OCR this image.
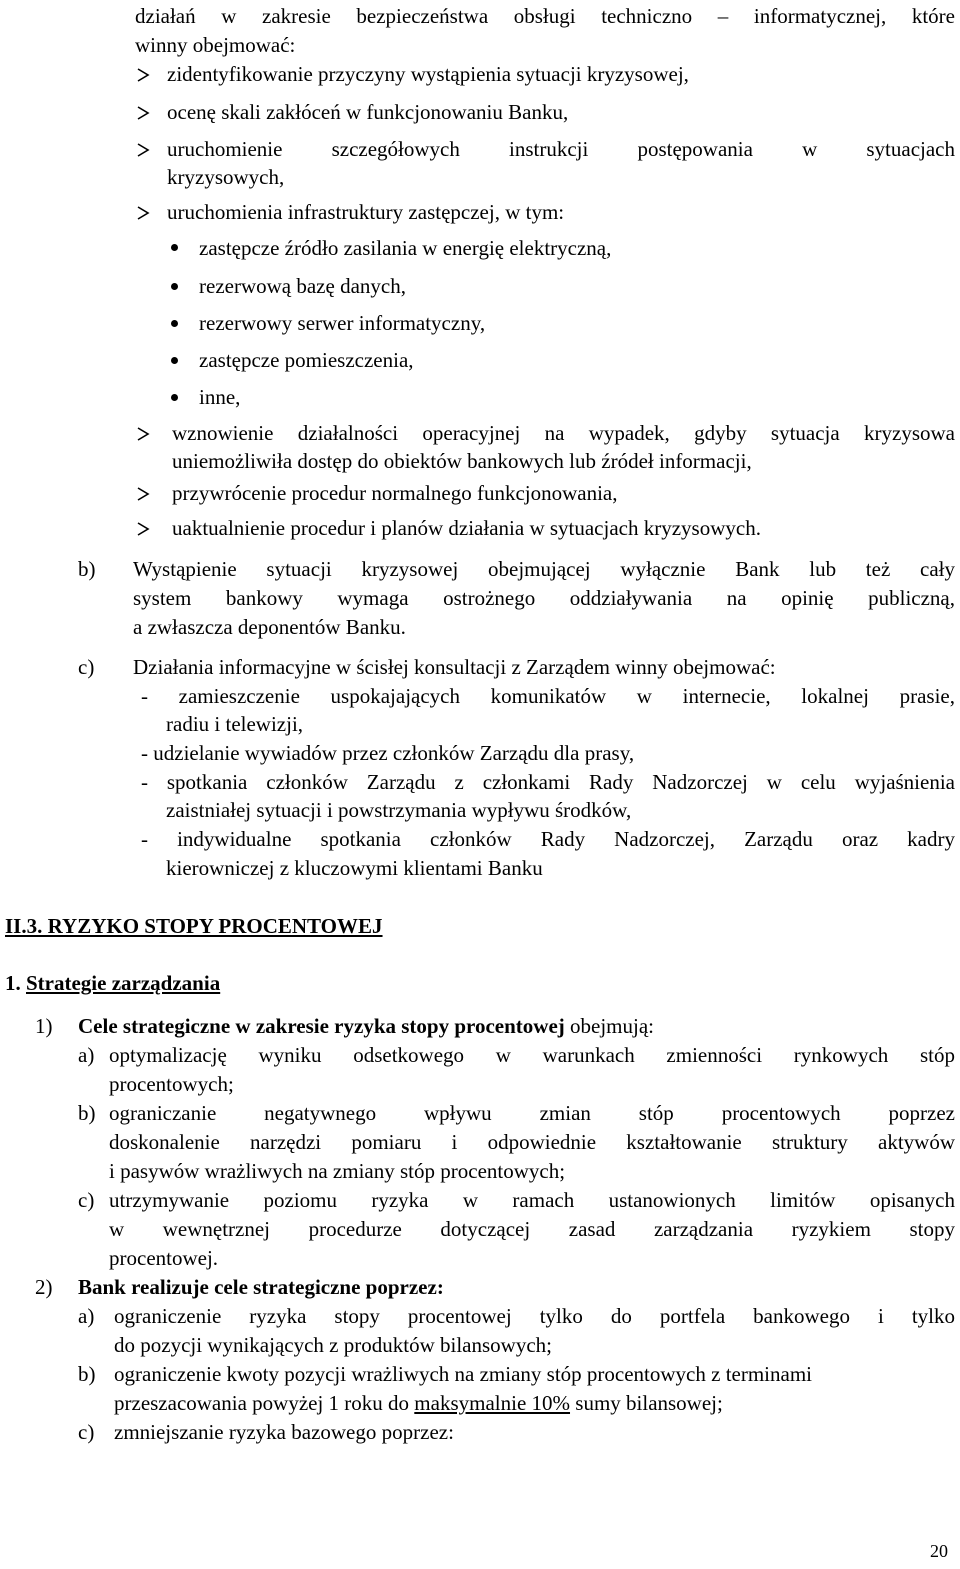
działań w zakresie bezpieczeństwa obsługi techniczno – informatycznej, które
winny obejmować:
zidentyfikowanie przyczyny wystąpienia sytuacji kryzysowej,
ocenę skali zakłóceń w funkcjonowaniu Banku,
uruchomienie szczegółowych instrukcji postępowania w sytuacjach
kryzysowych,
uruchomienia infrastruktury zastępczej, w tym:
zastępcze źródło zasilania w energię elektryczną,
rezerwową bazę danych,
rezerwowy serwer informatyczny,
zastępcze pomieszczenia,
inne,
wznowienie działalności operacyjnej na wypadek, gdyby sytuacja kryzysowa
uniemożliwiła dostęp do obiektów bankowych lub źródeł informacji,
przywrócenie procedur normalnego funkcjonowania,
uaktualnienie procedur i planów działania w sytuacjach kryzysowych.
b) Wystąpienie sytuacji kryzysowej obejmującej wyłącznie Bank lub też cały
system bankowy wymaga ostrożnego oddziaływania na opinię publiczną,
a zwłaszcza deponentów Banku.
c) Działania informacyjne w ścisłej konsultacji z Zarządem winny obejmować:
- zamieszczenie uspokajających komunikatów w internecie, lokalnej prasie,
radiu i telewizji,
- udzielanie wywiadów przez członków Zarządu dla prasy,
- spotkania członków Zarządu z członkami Rady Nadzorczej w celu wyjaśnienia
zaistniałej sytuacji i powstrzymania wypływu środków,
- indywidualne spotkania członków Rady Nadzorczej, Zarządu oraz kadry
kierowniczej z kluczowymi klientami Banku
II.3. RYZYKO STOPY PROCENTOWEJ
1. Strategie zarządzania
1) Cele strategiczne w zakresie ryzyka stopy procentowej obejmują:
a) optymalizację wyniku odsetkowego w warunkach zmienności rynkowych stóp
procentowych;
b) ograniczanie negatywnego wpływu zmian stóp procentowych poprzez
doskonalenie narzędzi pomiaru i odpowiednie kształtowanie struktury aktywów
i pasywów wrażliwych na zmiany stóp procentowych;
c) utrzymywanie poziomu ryzyka w ramach ustanowionych limitów opisanych
w wewnętrznej procedurze dotyczącej zasad zarządzania ryzykiem stopy
procentowej.
2) Bank realizuje cele strategiczne poprzez:
a) ograniczenie ryzyka stopy procentowej tylko do portfela bankowego i tylko
do pozycji wynikających z produktów bilansowych;
b) ograniczenie kwoty pozycji wrażliwych na zmiany stóp procentowych z terminami
przeszacowania powyżej 1 roku do maksymalnie 10% sumy bilansowej;
c) zmniejszanie ryzyka bazowego poprzez:
20
